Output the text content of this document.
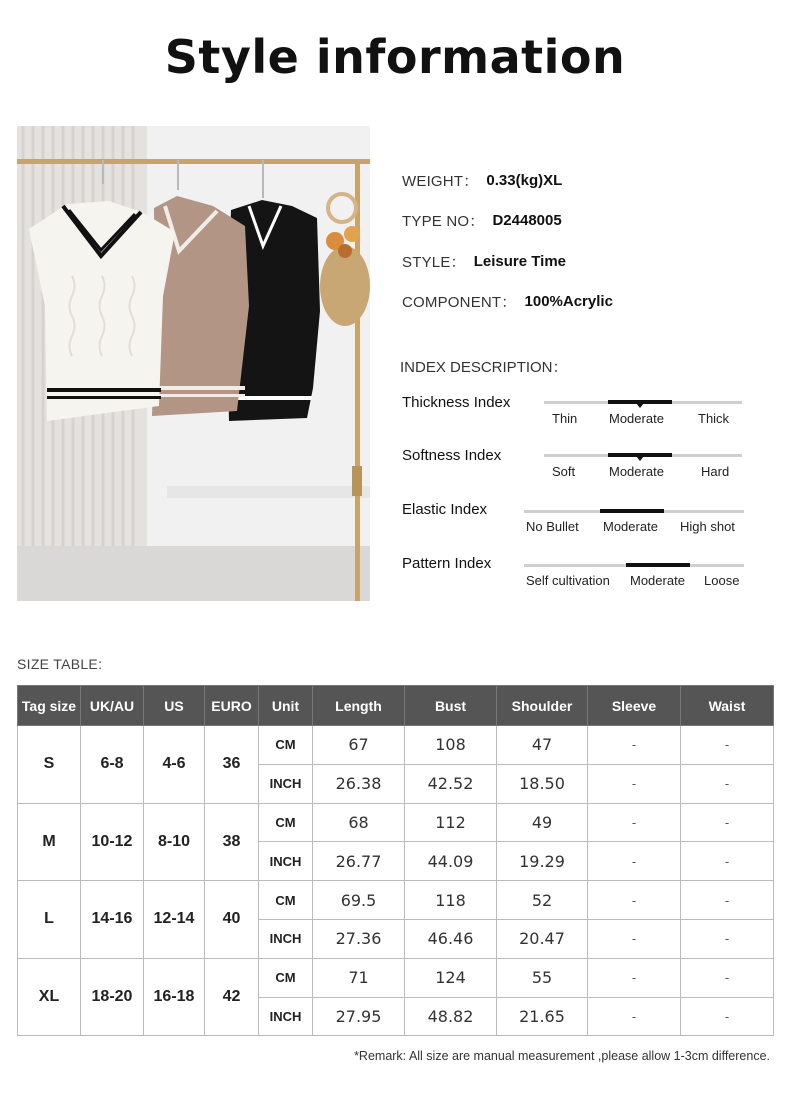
Style information
WEIGHT： 0.33(kg)XL
TYPE NO： D2448005
STYLE： Leisure Time
COMPONENT： 100%Acrylic
INDEX DESCRIPTION：
Thickness Index
Thin Moderate	Thick
Softness Index
Soft	Moderate	Hard
Elastic Index
No Bullet Moderate High shot
Pattern Index
Self cultivation Moderate Loose
SIZE TABLE:
Tag size	UK/AU	US	EURO	Unit	Length	Bust	Shoulder	Sleeve	Waist
S	6-8	4-6	36	CM	67	108	47	-	-
				INCH	26.38	42.52	18.50	-	-
M	10-12	8-10	38	CM	68	112	49	-	-
				INCH	26.77	44.09	19.29	-	-
L	14-16	12-14	40	CM	69.5	118	52	-	-
				INCH	27.36	46.46	20.47	-	-
XL	18-20	16-18	42	CM	71	124	55	-	-
				INCH	27.95	48.82	21.65	-	-
*Remark: All size are manual measurement ,please allow 1-3cm difference.
